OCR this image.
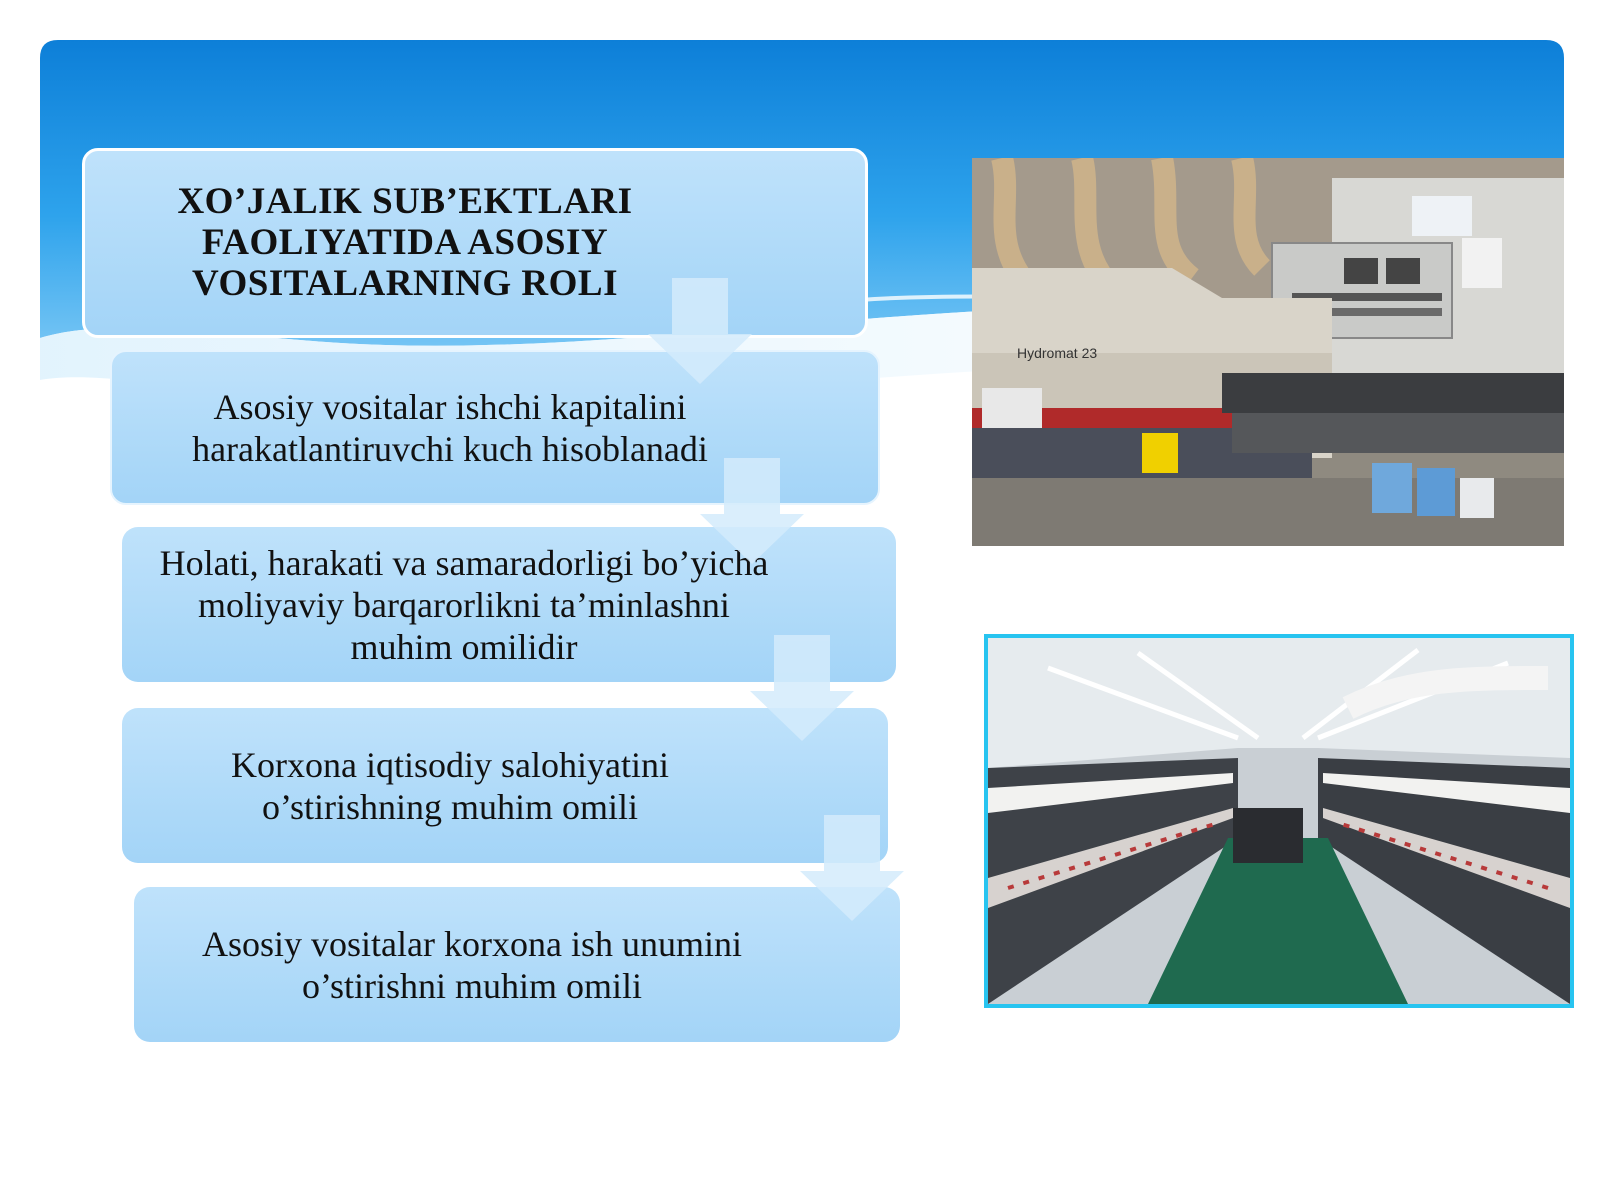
XO’JALIK SUB’EKTLARI FAOLIYATIDA ASOSIY VOSITALARNING ROLI
Asosiy vositalar ishchi kapitalini harakatlantiruvchi kuch hisoblanadi
Holati, harakati va samaradorligi bo’yicha moliyaviy barqarorlikni ta’minlashni muhim omilidir
Korxona iqtisodiy salohiyatini o’stirishning muhim omili
Asosiy vositalar korxona ish unumini o’stirishni muhim omili
Hydromat 23
